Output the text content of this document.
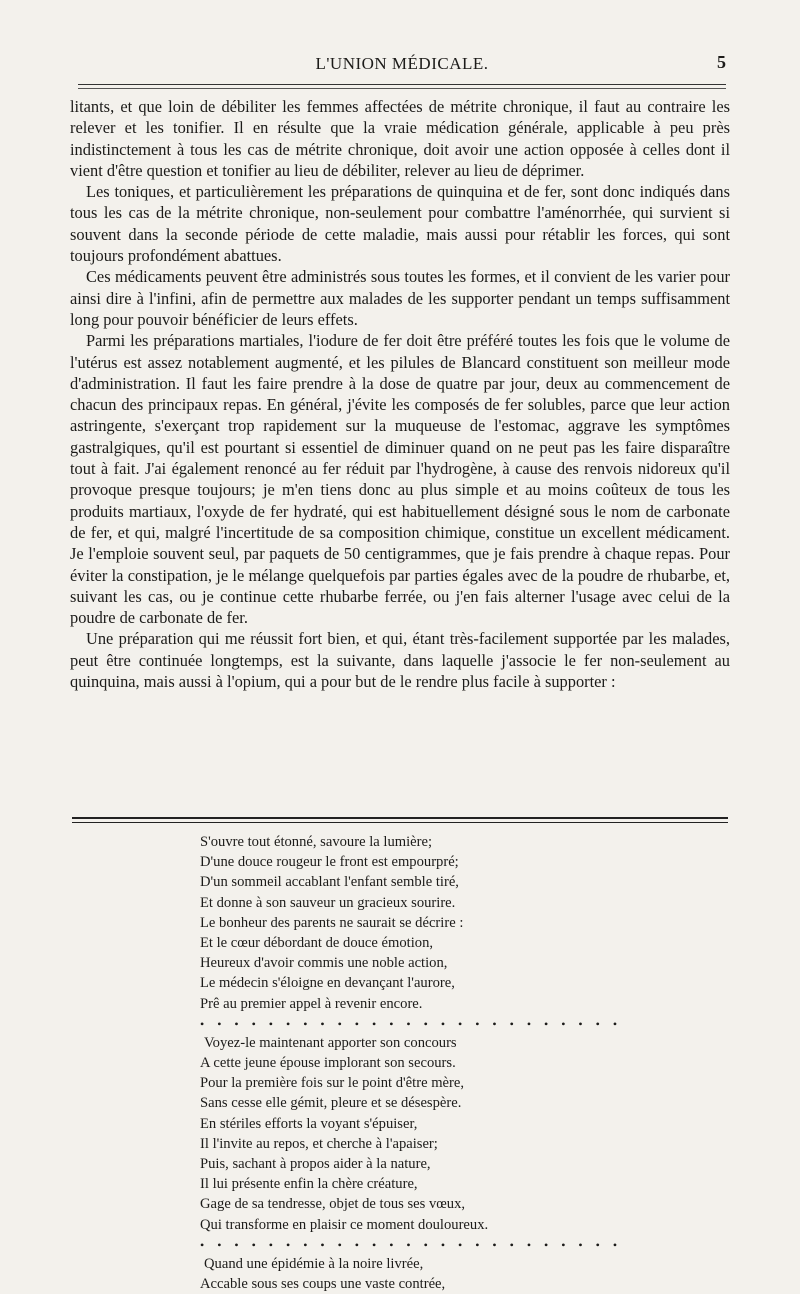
L'UNION MÉDICALE.	5

litants, et que loin de débiliter les femmes affectées de métrite chronique, il faut au contraire les relever et les tonifier. Il en résulte que la vraie médication générale, applicable à peu près indistinctement à tous les cas de métrite chronique, doit avoir une action opposée à celles dont il vient d'être question et tonifier au lieu de débiliter, relever au lieu de déprimer.

Les toniques, et particulièrement les préparations de quinquina et de fer, sont donc indiqués dans tous les cas de la métrite chronique, non-seulement pour combattre l'aménorrhée, qui survient si souvent dans la seconde période de cette maladie, mais aussi pour rétablir les forces, qui sont toujours profondément abattues.

Ces médicaments peuvent être administrés sous toutes les formes, et il convient de les varier pour ainsi dire à l'infini, afin de permettre aux malades de les supporter pendant un temps suffisamment long pour pouvoir bénéficier de leurs effets.

Parmi les préparations martiales, l'iodure de fer doit être préféré toutes les fois que le volume de l'utérus est assez notablement augmenté, et les pilules de Blancard constituent son meilleur mode d'administration. Il faut les faire prendre à la dose de quatre par jour, deux au commencement de chacun des principaux repas. En général, j'évite les composés de fer solubles, parce que leur action astringente, s'exerçant trop rapidement sur la muqueuse de l'estomac, aggrave les symptômes gastralgiques, qu'il est pourtant si essentiel de diminuer quand on ne peut pas les faire disparaître tout à fait. J'ai également renoncé au fer réduit par l'hydrogène, à cause des renvois nidoreux qu'il provoque presque toujours; je m'en tiens donc au plus simple et au moins coûteux de tous les produits martiaux, l'oxyde de fer hydraté, qui est habituellement désigné sous le nom de carbonate de fer, et qui, malgré l'incertitude de sa composition chimique, constitue un excellent médicament. Je l'emploie souvent seul, par paquets de 50 centigrammes, que je fais prendre à chaque repas. Pour éviter la constipation, je le mélange quelquefois par parties égales avec de la poudre de rhubarbe, et, suivant les cas, ou je continue cette rhubarbe ferrée, ou j'en fais alterner l'usage avec celui de la poudre de carbonate de fer.

Une préparation qui me réussit fort bien, et qui, étant très-facilement supportée par les malades, peut être continuée longtemps, est la suivante, dans laquelle j'associe le fer non-seulement au quinquina, mais aussi à l'opium, qui a pour but de le rendre plus facile à supporter :

S'ouvre tout étonné, savoure la lumière;
D'une douce rougeur le front est empourpré;
D'un sommeil accablant l'enfant semble tiré,
Et donne à son sauveur un gracieux sourire.
Le bonheur des parents ne saurait se décrire :
Et le cœur débordant de douce émotion,
Heureux d'avoir commis une noble action,
Le médecin s'éloigne en devançant l'aurore,
Prê au premier appel à revenir encore.
• • • • • • • • • • • • • • • • • • • • • • • • •
Voyez-le maintenant apporter son concours
A cette jeune épouse implorant son secours.
Pour la première fois sur le point d'être mère,
Sans cesse elle gémit, pleure et se désespère.
En stériles efforts la voyant s'épuiser,
Il l'invite au repos, et cherche à l'apaiser;
Puis, sachant à propos aider à la nature,
Il lui présente enfin la chère créature,
Gage de sa tendresse, objet de tous ses vœux,
Qui transforme en plaisir ce moment douloureux.
• • • • • • • • • • • • • • • • • • • • • • • • •
Quand une épidémie à la noire livrée,
Accable sous ses coups une vaste contrée,
